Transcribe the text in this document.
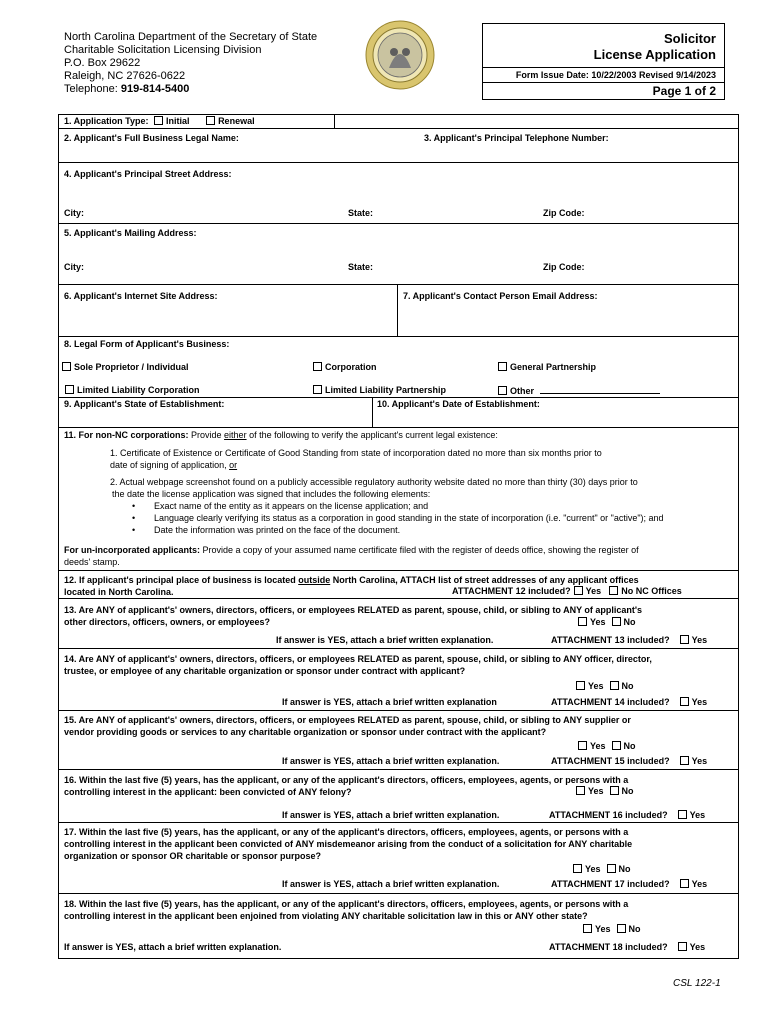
North Carolina Department of the Secretary of State
Charitable Solicitation Licensing Division
P.O. Box 29622
Raleigh, NC 27626-0622
Telephone: 919-814-5400
Solicitor
License Application
Form Issue Date: 10/22/2003 Revised 9/14/2023
Page 1 of 2
1. Application Type: Initial	Renewal
2. Applicant's Full Business Legal Name:	3. Applicant's Principal Telephone Number:
4. Applicant's Principal Street Address:
City:	State:	Zip Code:
5. Applicant's Mailing Address:
City:	State:	Zip Code:
6. Applicant's Internet Site Address:	7. Applicant's Contact Person Email Address:
8. Legal Form of Applicant's Business:
Sole Proprietor / Individual	Corporation	General Partnership
Limited Liability Corporation	Limited Liability Partnership	Other
9. Applicant's State of Establishment:	10. Applicant's Date of Establishment:
11. For non-NC corporations: Provide either of the following to verify the applicant's current legal existence:
1. Certificate of Existence or Certificate of Good Standing from state of incorporation dated no more than six months prior to
date of signing of application, or
2. Actual webpage screenshot found on a publicly accessible regulatory authority website dated no more than thirty (30) days prior to
the date the license application was signed that includes the following elements:
• Exact name of the entity as it appears on the license application; and
• Language clearly verifying its status as a corporation in good standing in the state of incorporation (i.e. "current" or "active"); and
• Date the information was printed on the face of the document.
For un-incorporated applicants: Provide a copy of your assumed name certificate filed with the register of deeds office, showing the register of
deeds' stamp.
12. If applicant's principal place of business is located outside North Carolina, ATTACH list of street addresses of any applicant offices
located in North Carolina.	ATTACHMENT 12 included? Yes No NC Offices
13. Are ANY of applicant's' owners, directors, officers, or employees RELATED as parent, spouse, child, or sibling to ANY of applicant's
other directors, officers, owners, or employees?	Yes No
If answer is YES, attach a brief written explanation.	ATTACHMENT 13 included? Yes
14. Are ANY of applicant's' owners, directors, officers, or employees RELATED as parent, spouse, child, or sibling to ANY officer, director,
trustee, or employee of any charitable organization or sponsor under contract with applicant?
Yes No
If answer is YES, attach a brief written explanation	ATTACHMENT 14 included? Yes
15. Are ANY of applicant's' owners, directors, officers, or employees RELATED as parent, spouse, child, or sibling to ANY supplier or
vendor providing goods or services to any charitable organization or sponsor under contract with the applicant?
Yes No
If answer is YES, attach a brief written explanation.	ATTACHMENT 15 included? Yes
16. Within the last five (5) years, has the applicant, or any of the applicant's directors, officers, employees, agents, or persons with a
controlling interest in the applicant: been convicted of ANY felony?	Yes No
If answer is YES, attach a brief written explanation.	ATTACHMENT 16 included? Yes
17. Within the last five (5) years, has the applicant, or any of the applicant's directors, officers, employees, agents, or persons with a
controlling interest in the applicant been convicted of ANY misdemeanor arising from the conduct of a solicitation for ANY charitable
organization or sponsor OR charitable or sponsor purpose?
Yes No
If answer is YES, attach a brief written explanation.	ATTACHMENT 17 included? Yes
18. Within the last five (5) years, has the applicant, or any of the applicant's directors, officers, employees, agents, or persons with a
controlling interest in the applicant been enjoined from violating ANY charitable solicitation law in this or ANY other state?
Yes No
If answer is YES, attach a brief written explanation.	ATTACHMENT 18 included? Yes
CSL 122-1
